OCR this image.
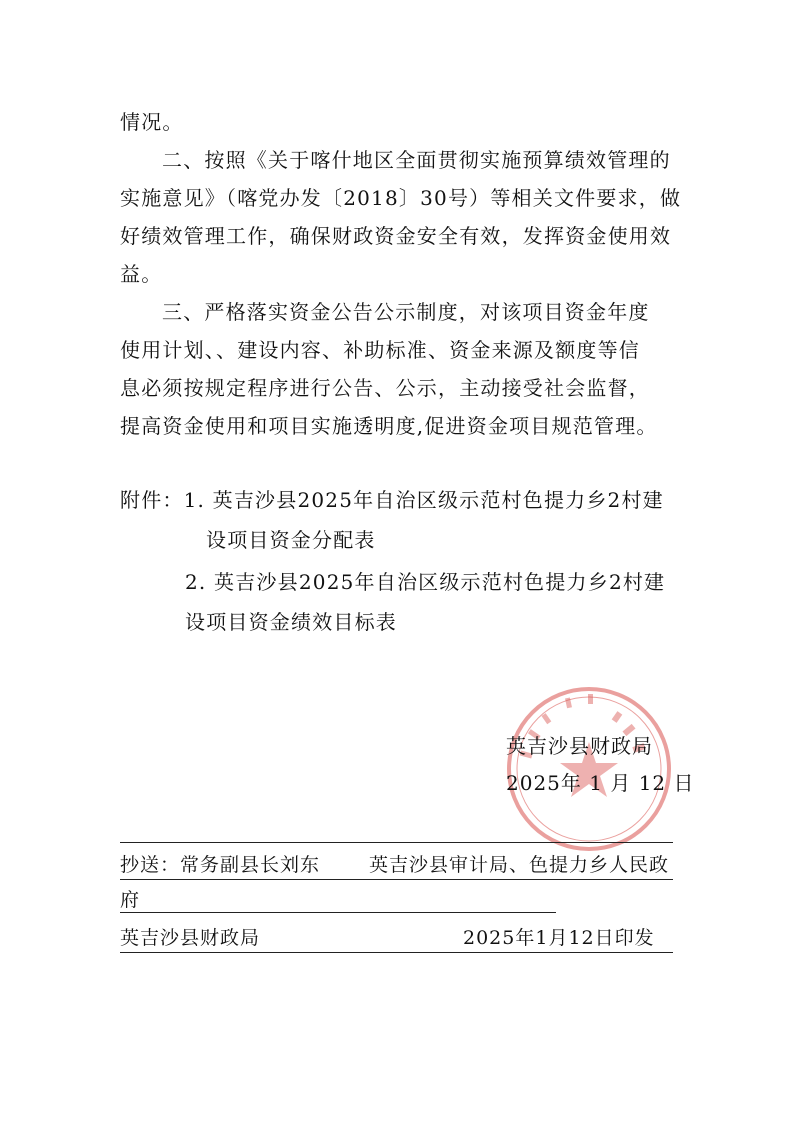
情况。
二、按照《关于喀什地区全面贯彻实施预算绩效管理的
实施意见》（喀党办发〔2018〕30号）等相关文件要求，做
好绩效管理工作，确保财政资金安全有效，发挥资金使用效
益。
三、严格落实资金公告公示制度，对该项目资金年度
使用计划、、建设内容、补助标准、资金来源及额度等信
息必须按规定程序进行公告、公示，主动接受社会监督，
提高资金使用和项目实施透明度,促进资金项目规范管理。
附件：1. 英吉沙县2025年自治区级示范村色提力乡2村建
设项目资金分配表
2. 英吉沙县2025年自治区级示范村色提力乡2村建
设项目资金绩效目标表
英吉沙县财政局
2025年 1 月 12 日
抄送：常务副县长刘东	英吉沙县审计局、色提力乡人民政
府
英吉沙县财政局	2025年1月12日印发
